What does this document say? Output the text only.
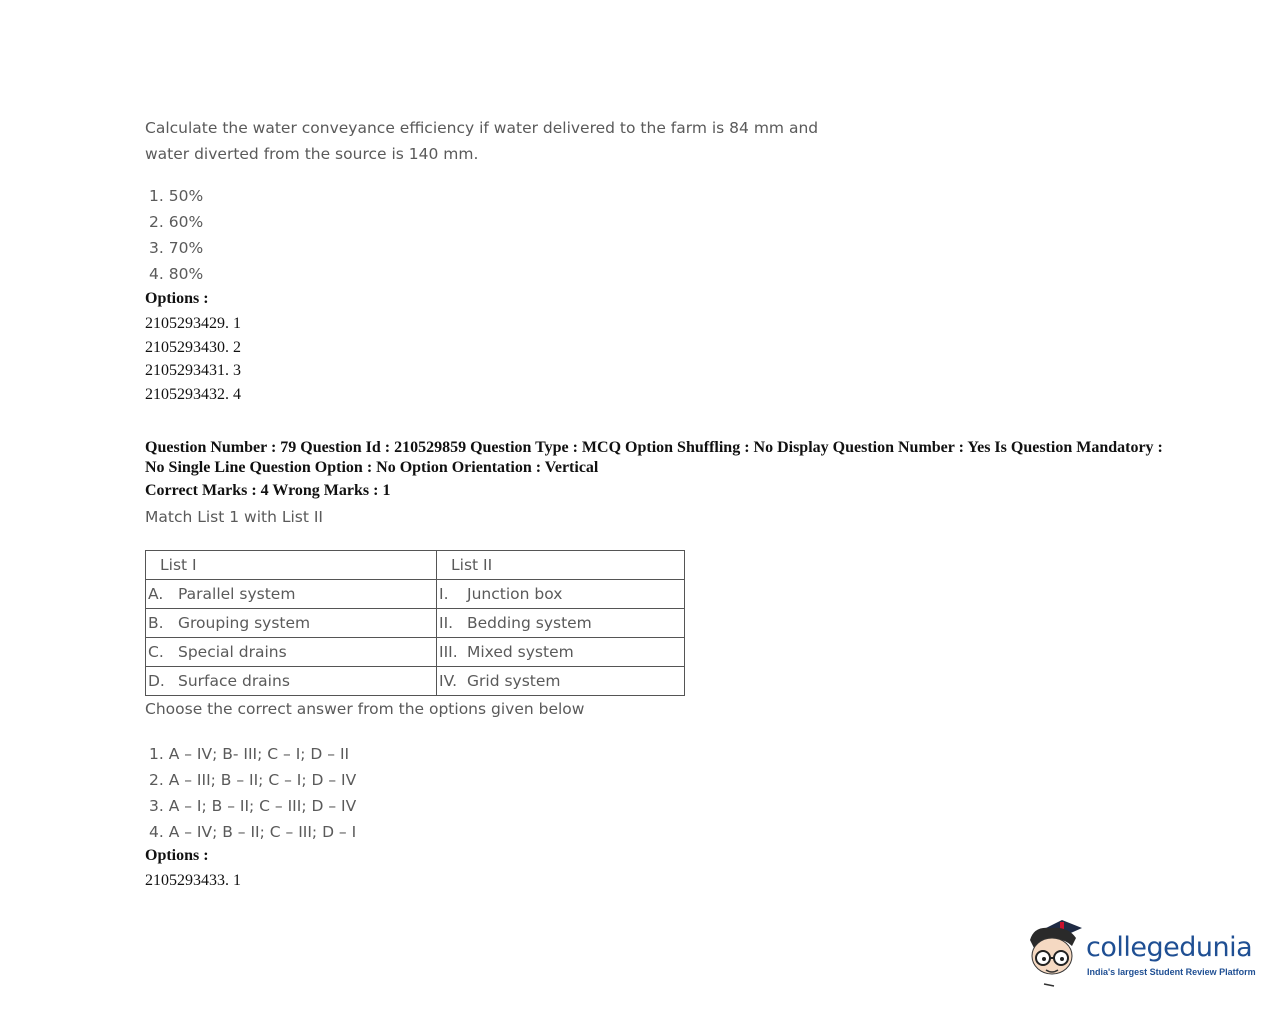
Calculate the water conveyance efficiency if water delivered to the farm is 84 mm and water diverted from the source is 140 mm.
1. 50%
2. 60%
3. 70%
4. 80%
Options :
2105293429. 1
2105293430. 2
2105293431. 3
2105293432. 4
Question Number : 79 Question Id : 210529859 Question Type : MCQ Option Shuffling : No Display Question Number : Yes Is Question Mandatory : No Single Line Question Option : No Option Orientation : Vertical
Correct Marks : 4 Wrong Marks : 1
Match List 1 with List II
List I	List II
A. Parallel system	I. Junction box
B. Grouping system	II. Bedding system
C. Special drains	III. Mixed system
D. Surface drains	IV. Grid system
Choose the correct answer from the options given below
1. A – IV; B- III; C – I; D – II
2. A – III; B – II; C – I; D – IV
3. A – I; B – II; C – III; D – IV
4. A – IV; B – II; C – III; D – I
Options :
2105293433. 1
collegedunia
India's largest Student Review Platform
